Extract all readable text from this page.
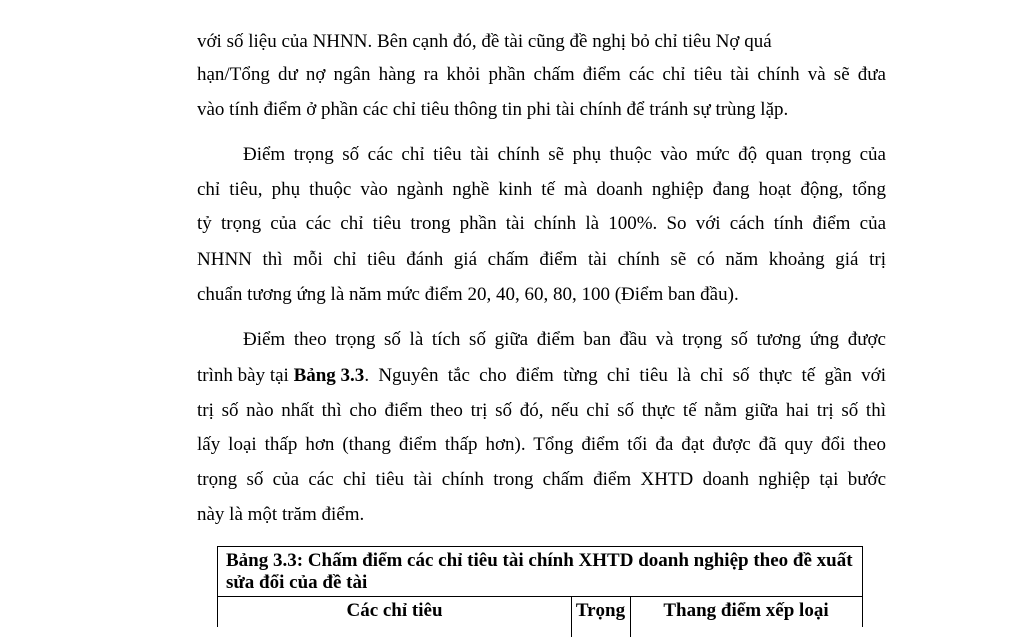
với số liệu của NHNN. Bên cạnh đó, đề tài cũng đề nghị bỏ chỉ tiêu Nợ quá
hạn/Tổng dư nợ ngân hàng ra khỏi phần chấm điểm các chỉ tiêu tài chính và sẽ đưa
vào tính điểm ở phần các chỉ tiêu thông tin phi tài chính để tránh sự trùng lặp.
Điểm trọng số các chỉ tiêu tài chính sẽ phụ thuộc vào mức độ quan trọng của
chỉ tiêu, phụ thuộc vào ngành nghề kinh tế mà doanh nghiệp đang hoạt động, tổng
tỷ trọng của các chỉ tiêu trong phần tài chính là 100%. So với cách tính điểm của
NHNN thì mỗi chỉ tiêu đánh giá chấm điểm tài chính sẽ có năm khoảng giá trị
chuẩn tương ứng là năm mức điểm 20, 40, 60, 80, 100 (Điểm ban đầu).
Điểm theo trọng số là tích số giữa điểm ban đầu và trọng số tương ứng được
trình bày tại Bảng 3.3 . Nguyên tắc cho điểm từng chỉ tiêu là chỉ số thực tế gần với
trị số nào nhất thì cho điểm theo trị số đó, nếu chỉ số thực tế nằm giữa hai trị số thì
lấy loại thấp hơn (thang điểm thấp hơn). Tổng điểm tối đa đạt được đã quy đổi theo
trọng số của các chỉ tiêu tài chính trong chấm điểm XHTD doanh nghiệp tại bước
này là một trăm điểm.
Bảng 3.3: Chấm điểm các chỉ tiêu tài chính XHTD doanh nghiệp theo đề xuất sửa đổi của đề tài
Các chỉ tiêu	Trọng	Thang điểm xếp loại
